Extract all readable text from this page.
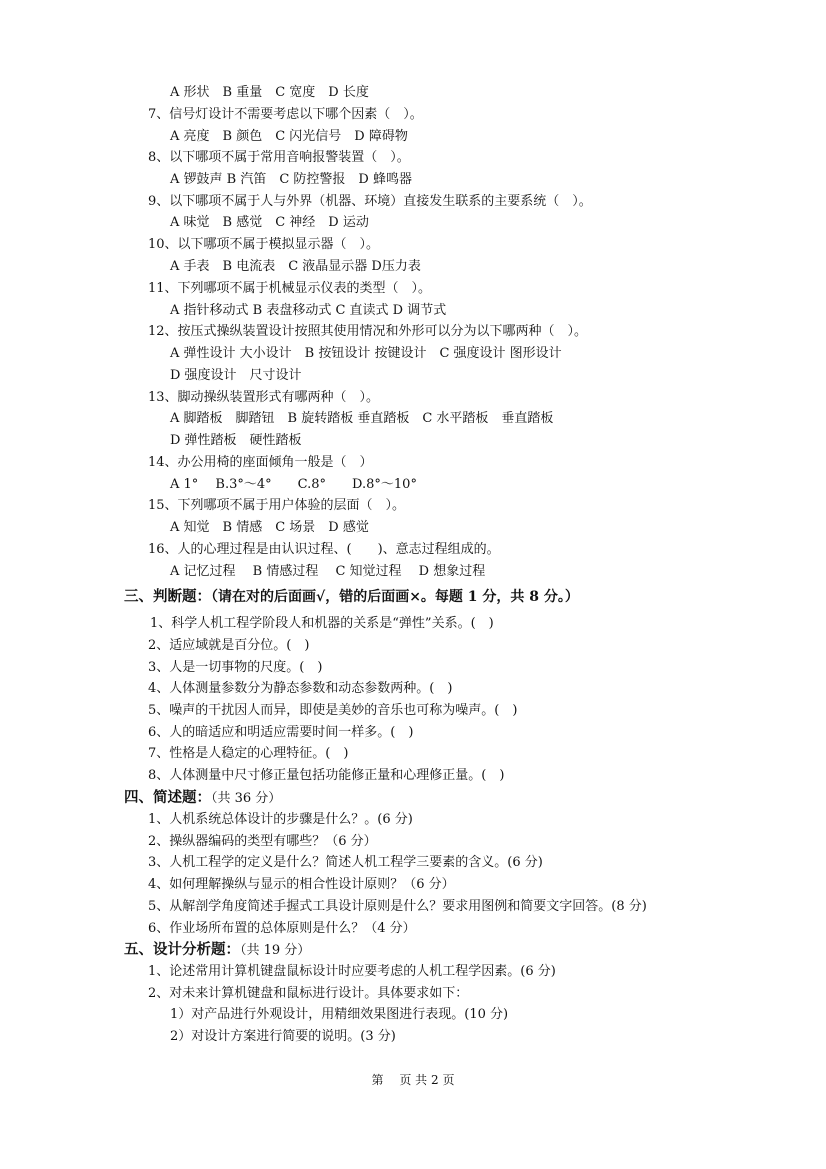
A 形状　B 重量　C 宽度　D 长度
7、信号灯设计不需要考虑以下哪个因素（　）。
A 亮度　B 颜色　C 闪光信号　D 障碍物
8、以下哪项不属于常用音响报警装置（　）。
A 锣鼓声 B 汽笛　C 防控警报　D 蜂鸣器
9、以下哪项不属于人与外界（机器、环境）直接发生联系的主要系统（　）。
A 味觉　B 感觉　C 神经　D 运动
10、以下哪项不属于模拟显示器（　）。
A 手表　B 电流表　C 液晶显示器 D压力表
11、下列哪项不属于机械显示仪表的类型（　）。
A 指针移动式 B 表盘移动式 C 直读式 D 调节式
12、按压式操纵装置设计按照其使用情况和外形可以分为以下哪两种（　）。
A 弹性设计 大小设计　B 按钮设计 按键设计　C 强度设计 图形设计
D 强度设计　尺寸设计
13、脚动操纵装置形式有哪两种（　）。
A 脚踏板　脚踏钮　B 旋转踏板 垂直踏板　C 水平踏板　垂直踏板
D 弹性踏板　硬性踏板
14、办公用椅的座面倾角一般是（　）
A 1°　 B.3°～4°　　C.8°　　D.8°～10°
15、下列哪项不属于用户体验的层面（　）。
A 知觉　B 情感　C 场景　D 感觉
16、人的心理过程是由认识过程、(　　)、意志过程组成的。
A 记忆过程　 B 情感过程　 C 知觉过程　 D 想象过程
三、判断题：（请在对的后面画√，错的后面画×。每题 1 分，共 8 分。）
1、科学人机工程学阶段人和机器的关系是“弹性”关系。(　)
2、适应域就是百分位。(　)
3、人是一切事物的尺度。(　)
4、人体测量参数分为静态参数和动态参数两种。(　)
5、噪声的干扰因人而异，即使是美妙的音乐也可称为噪声。(　)
6、人的暗适应和明适应需要时间一样多。(　)
7、性格是人稳定的心理特征。(　)
8、人体测量中尺寸修正量包括功能修正量和心理修正量。(　)
四、简述题：（共 36 分）
1、人机系统总体设计的步骤是什么？。(6 分)
2、操纵器编码的类型有哪些？（6 分）
3、人机工程学的定义是什么？简述人机工程学三要素的含义。(6 分)
4、如何理解操纵与显示的相合性设计原则？（6 分）
5、从解剖学角度简述手握式工具设计原则是什么？要求用图例和简要文字回答。(8 分)
6、作业场所布置的总体原则是什么？（4 分）
五、设计分析题：（共 19 分）
1、论述常用计算机键盘鼠标设计时应要考虑的人机工程学因素。(6 分)
2、对未来计算机键盘和鼠标进行设计。具体要求如下：
1）对产品进行外观设计，用精细效果图进行表现。(10 分)
2）对设计方案进行简要的说明。(3 分)
第　 页 共 2 页
